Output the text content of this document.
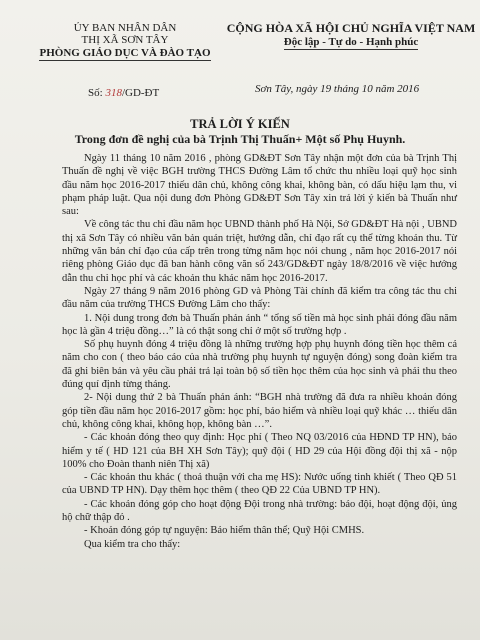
ỦY BAN NHÂN DÂN
THỊ XÃ SƠN TÂY
PHÒNG GIÁO DỤC VÀ ĐÀO TẠO
Số: 318/GD-ĐT
CỘNG HÒA XÃ HỘI CHỦ NGHĨA VIỆT NAM
Độc lập - Tự do - Hạnh phúc
Sơn Tây, ngày 19 tháng 10 năm 2016
TRẢ LỜI Ý KIẾN
Trong đơn đề nghị của bà Trịnh Thị Thuấn+ Một số Phụ Huynh.

Ngày 11 tháng 10 năm 2016 , phòng GD&ĐT Sơn Tây nhận một đơn của bà Trịnh Thị Thuấn đề nghị về việc BGH trường THCS Đường Lâm tổ chức thu nhiều loại quỹ học sinh đầu năm học 2016-2017 thiếu dân chủ, không công khai, không bàn, có dấu hiệu lạm thu, vi phạm pháp luật. Qua nội dung đơn Phòng GD&ĐT Sơn Tây xin trả lời ý kiến bà Thuấn như sau:

Về công tác thu chi đầu năm học UBND thành phố Hà Nội, Sở GD&ĐT Hà nội , UBND thị xã Sơn Tây có nhiều văn bản quán triệt, hướng dẫn, chỉ đạo rất cụ thể từng khoản thu. Từ những văn bản chỉ đạo của cấp trên trong từng năm học nói chung , năm học 2016-2017 nói riêng phòng Giáo dục đã ban hành công văn số 243/GD&ĐT ngày 18/8/2016 về việc hướng dẫn thu chi học phí và các khoản thu khác năm học 2016-2017.

Ngày 27 tháng 9 năm 2016 phòng GD và Phòng Tài chính đã kiểm tra công tác thu chi đầu năm của trường THCS Đường Lâm cho thấy:

1. Nội dung trong đơn bà Thuấn phản ánh “ tổng số tiền mà học sinh phải đóng đầu năm học là gần 4 triệu đồng…” là có thật song chỉ ở một số trường hợp .

Số phụ huynh đóng 4 triệu đồng là những trường hợp phụ huynh đóng tiền học thêm cả năm cho con ( theo báo cáo của nhà trường phụ huynh tự nguyện đóng) song đoàn kiểm tra đã ghi biên bản và yêu cầu phải trả lại toàn bộ số tiền học thêm của học sinh và phải thu theo đúng quí định từng tháng.

2- Nội dung thứ 2 bà Thuấn phản ánh: “BGH nhà trường đã đưa ra nhiều khoản đóng góp tiền đầu năm học 2016-2017 gồm: học phí, bảo hiểm và nhiều loại quỹ khác … thiếu dân chủ, không công khai, không họp, không bàn …”.

- Các khoản đóng theo quy định: Học phí ( Theo NQ 03/2016 của HĐND TP HN), bảo hiểm y tế ( HD 121 của BH XH Sơn Tây); quỹ đội ( HD 29 của Hội đồng đội thị xã - nộp 100% cho Đoàn thanh niên Thị xã)

- Các khoản thu khác ( thoả thuận với cha mẹ HS): Nước uống tinh khiết ( Theo QĐ 51 của UBND TP HN). Dạy thêm học thêm ( theo QĐ 22 Của UBND TP HN).

- Các khoản đóng góp cho hoạt động Đội trong nhà trường: báo đội, hoạt động đội, ủng hộ chữ thập đỏ .

- Khoản đóng góp tự nguyện: Bảo hiểm thân thể; Quỹ Hội CMHS.

Qua kiểm tra cho thấy:
